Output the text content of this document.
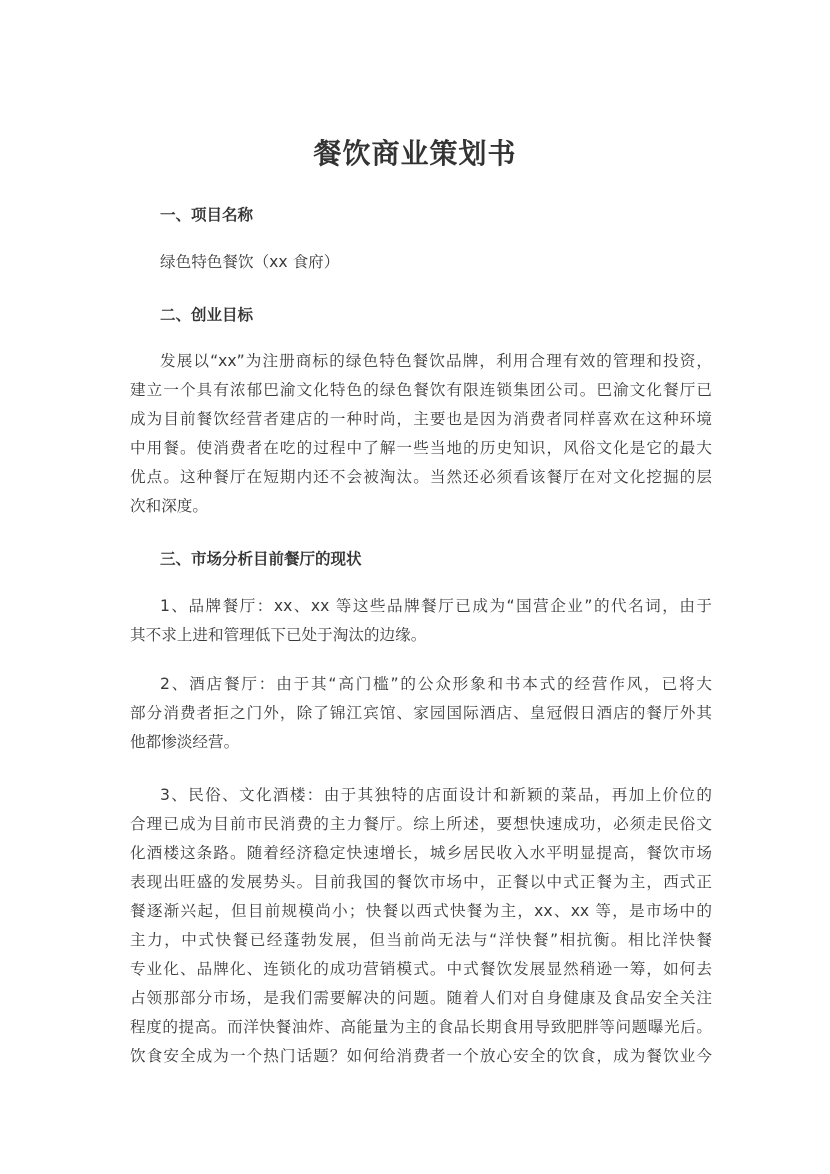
餐饮商业策划书
一、项目名称
绿色特色餐饮（xx 食府）
二、创业目标
发展以“xx”为注册商标的绿色特色餐饮品牌，利用合理有效的管理和投资，
建立一个具有浓郁巴渝文化特色的绿色餐饮有限连锁集团公司。巴渝文化餐厅已
成为目前餐饮经营者建店的一种时尚，主要也是因为消费者同样喜欢在这种环境
中用餐。使消费者在吃的过程中了解一些当地的历史知识，风俗文化是它的最大
优点。这种餐厅在短期内还不会被淘汰。当然还必须看该餐厅在对文化挖掘的层
次和深度。
三、市场分析目前餐厅的现状
1、品牌餐厅：xx、xx 等这些品牌餐厅已成为“国营企业”的代名词，由于
其不求上进和管理低下已处于淘汰的边缘。
2、酒店餐厅：由于其“高门槛”的公众形象和书本式的经营作风，已将大
部分消费者拒之门外，除了锦江宾馆、家园国际酒店、皇冠假日酒店的餐厅外其
他都惨淡经营。
3、民俗、文化酒楼：由于其独特的店面设计和新颖的菜品，再加上价位的
合理已成为目前市民消费的主力餐厅。综上所述，要想快速成功，必须走民俗文
化酒楼这条路。随着经济稳定快速增长，城乡居民收入水平明显提高，餐饮市场
表现出旺盛的发展势头。目前我国的餐饮市场中，正餐以中式正餐为主，西式正
餐逐渐兴起，但目前规模尚小；快餐以西式快餐为主，xx、xx 等，是市场中的
主力，中式快餐已经蓬勃发展，但当前尚无法与“洋快餐”相抗衡。相比洋快餐
专业化、品牌化、连锁化的成功营销模式。中式餐饮发展显然稍逊一筹，如何去
占领那部分市场，是我们需要解决的问题。随着人们对自身健康及食品安全关注
程度的提高。而洋快餐油炸、高能量为主的食品长期食用导致肥胖等问题曝光后。
饮食安全成为一个热门话题？如何给消费者一个放心安全的饮食，成为餐饮业今
